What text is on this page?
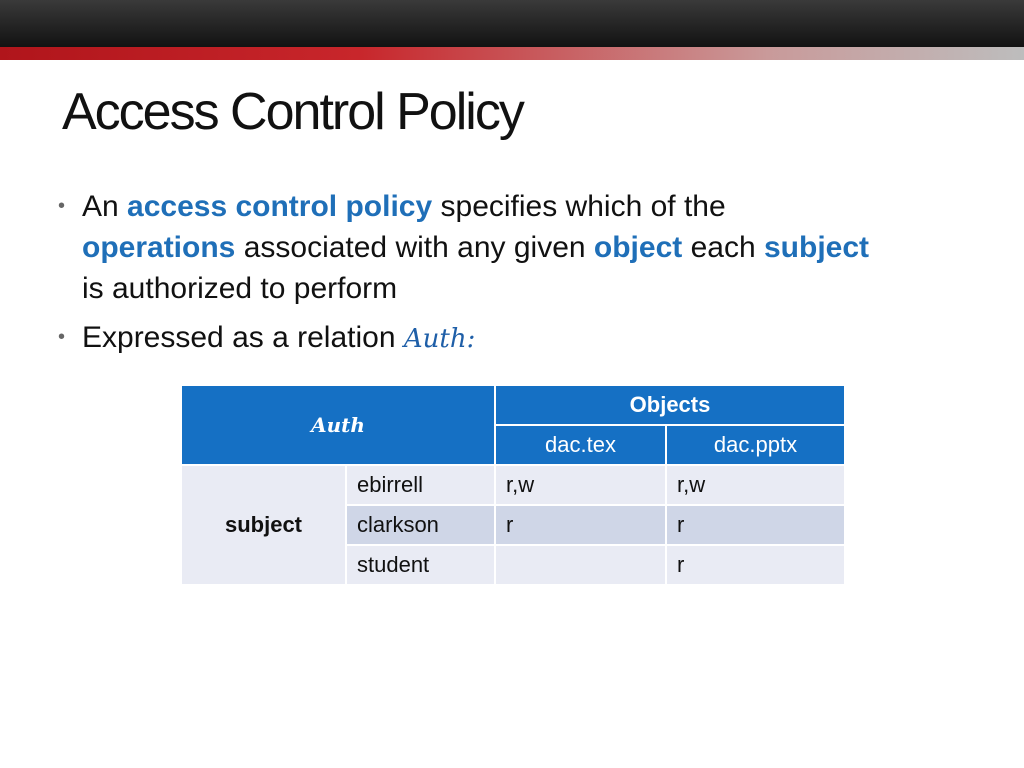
Access Control Policy
• An access control policy specifies which of the operations associated with any given object each subject is authorized to perform
• Expressed as a relation Auth:
Auth		Objects	
		dac.tex	dac.pptx
subject	ebirrell	r,w	r,w
	clarkson	r	r
	student		r
